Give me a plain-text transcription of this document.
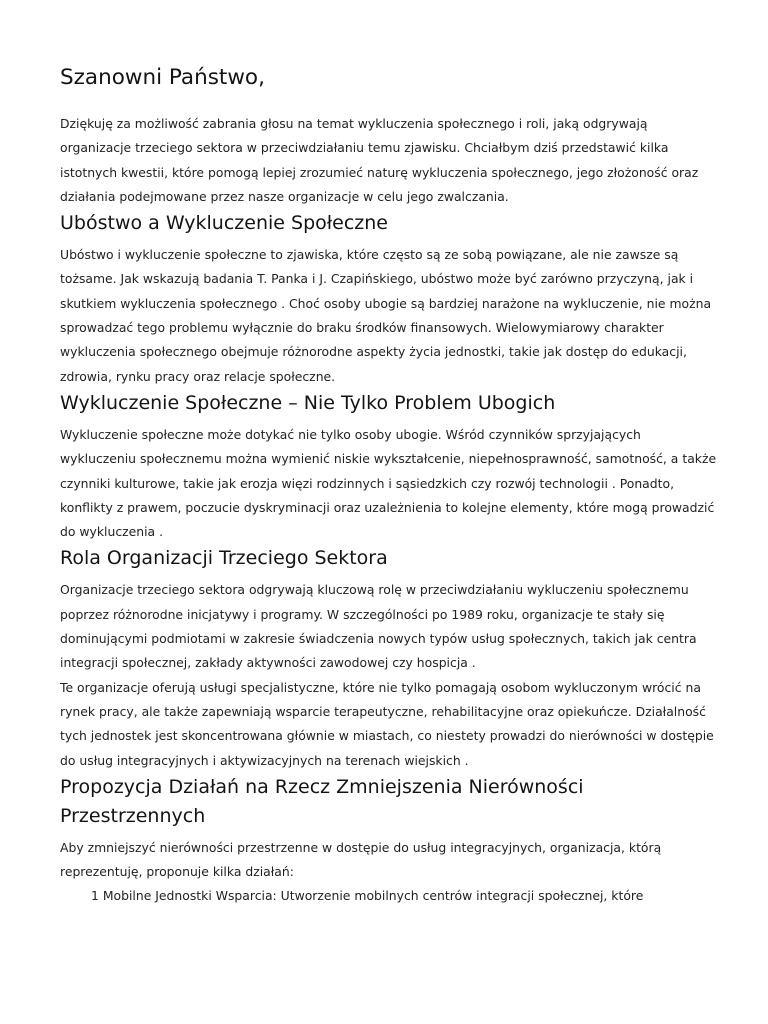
Szanowni Państwo,

Dziękuję za możliwość zabrania głosu na temat wykluczenia społecznego i roli, jaką odgrywają organizacje trzeciego sektora w przeciwdziałaniu temu zjawisku. Chciałbym dziś przedstawić kilka istotnych kwestii, które pomogą lepiej zrozumieć naturę wykluczenia społecznego, jego złożoność oraz działania podejmowane przez nasze organizacje w celu jego zwalczania.

Ubóstwo a Wykluczenie Społeczne

Ubóstwo i wykluczenie społeczne to zjawiska, które często są ze sobą powiązane, ale nie zawsze są tożsame. Jak wskazują badania T. Panka i J. Czapińskiego, ubóstwo może być zarówno przyczyną, jak i skutkiem wykluczenia społecznego . Choć osoby ubogie są bardziej narażone na wykluczenie, nie można sprowadzać tego problemu wyłącznie do braku środków finansowych. Wielowymiarowy charakter wykluczenia społecznego obejmuje różnorodne aspekty życia jednostki, takie jak dostęp do edukacji, zdrowia, rynku pracy oraz relacje społeczne.

Wykluczenie Społeczne – Nie Tylko Problem Ubogich

Wykluczenie społeczne może dotykać nie tylko osoby ubogie. Wśród czynników sprzyjających wykluczeniu społecznemu można wymienić niskie wykształcenie, niepełnosprawność, samotność, a także czynniki kulturowe, takie jak erozja więzi rodzinnych i sąsiedzkich czy rozwój technologii . Ponadto, konflikty z prawem, poczucie dyskryminacji oraz uzależnienia to kolejne elementy, które mogą prowadzić do wykluczenia .

Rola Organizacji Trzeciego Sektora

Organizacje trzeciego sektora odgrywają kluczową rolę w przeciwdziałaniu wykluczeniu społecznemu poprzez różnorodne inicjatywy i programy. W szczególności po 1989 roku, organizacje te stały się dominującymi podmiotami w zakresie świadczenia nowych typów usług społecznych, takich jak centra integracji społecznej, zakłady aktywności zawodowej czy hospicja .

Te organizacje oferują usługi specjalistyczne, które nie tylko pomagają osobom wykluczonym wrócić na rynek pracy, ale także zapewniają wsparcie terapeutyczne, rehabilitacyjne oraz opiekuńcze. Działalność tych jednostek jest skoncentrowana głównie w miastach, co niestety prowadzi do nierówności w dostępie do usług integracyjnych i aktywizacyjnych na terenach wiejskich .

Propozycja Działań na Rzecz Zmniejszenia Nierówności Przestrzennych

Aby zmniejszyć nierówności przestrzenne w dostępie do usług integracyjnych, organizacja, którą reprezentuję, proponuje kilka działań:

1 Mobilne Jednostki Wsparcia: Utworzenie mobilnych centrów integracji społecznej, które
